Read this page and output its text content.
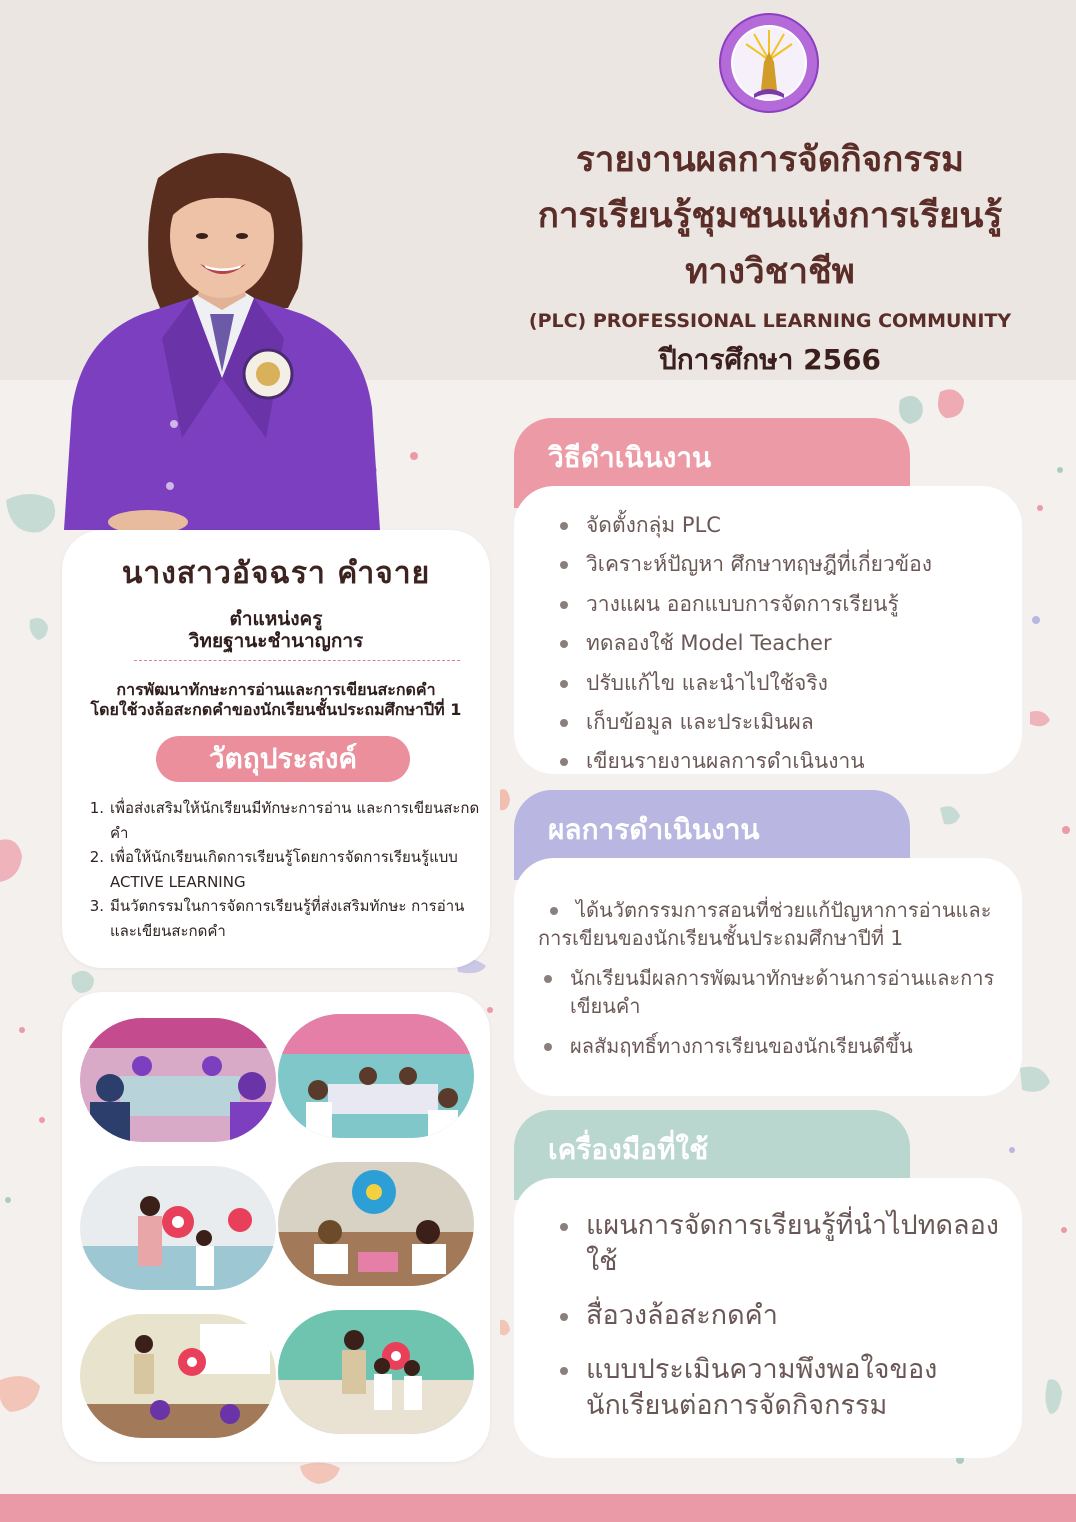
รายงานผลการจัดกิจกรรม
การเรียนรู้ชุมชนแห่งการเรียนรู้
ทางวิชาชีพ
(PLC) PROFESSIONAL LEARNING COMMUNITY
ปีการศึกษา 2566
นางสาวอัจฉรา คำจาย
ตำแหน่งครู
วิทยฐานะชำนาญการ
การพัฒนาทักษะการอ่านและการเขียนสะกดคำ
โดยใช้วงล้อสะกดคำของนักเรียนชั้นประถมศึกษาปีที่ 1
วัตถุประสงค์
1. เพื่อส่งเสริมให้นักเรียนมีทักษะการอ่าน และการเขียนสะกดคำ
2. เพื่อให้นักเรียนเกิดการเรียนรู้โดยการจัดการเรียนรู้แบบ ACTIVE LEARNING
3. มีนวัตกรรมในการจัดการเรียนรู้ที่ส่งเสริมทักษะ การอ่านและเขียนสะกดคำ
วิธีดำเนินงาน
จัดตั้งกลุ่ม PLC
วิเคราะห์ปัญหา ศึกษาทฤษฎีที่เกี่ยวข้อง
วางแผน ออกแบบการจัดการเรียนรู้
ทดลองใช้ Model Teacher
ปรับแก้ไข และนำไปใช้จริง
เก็บข้อมูล และประเมินผล
เขียนรายงานผลการดำเนินงาน
ผลการดำเนินงาน
ได้นวัตกรรมการสอนที่ช่วยแก้ปัญหาการอ่านและการเขียนของนักเรียนชั้นประถมศึกษาปีที่ 1
นักเรียนมีผลการพัฒนาทักษะด้านการอ่านและการเขียนคำ
ผลสัมฤทธิ์ทางการเรียนของนักเรียนดีขึ้น
เครื่องมือที่ใช้
แผนการจัดการเรียนรู้ที่นำไปทดลองใช้
สื่อวงล้อสะกดคำ
แบบประเมินความพึงพอใจของนักเรียนต่อการจัดกิจกรรม
